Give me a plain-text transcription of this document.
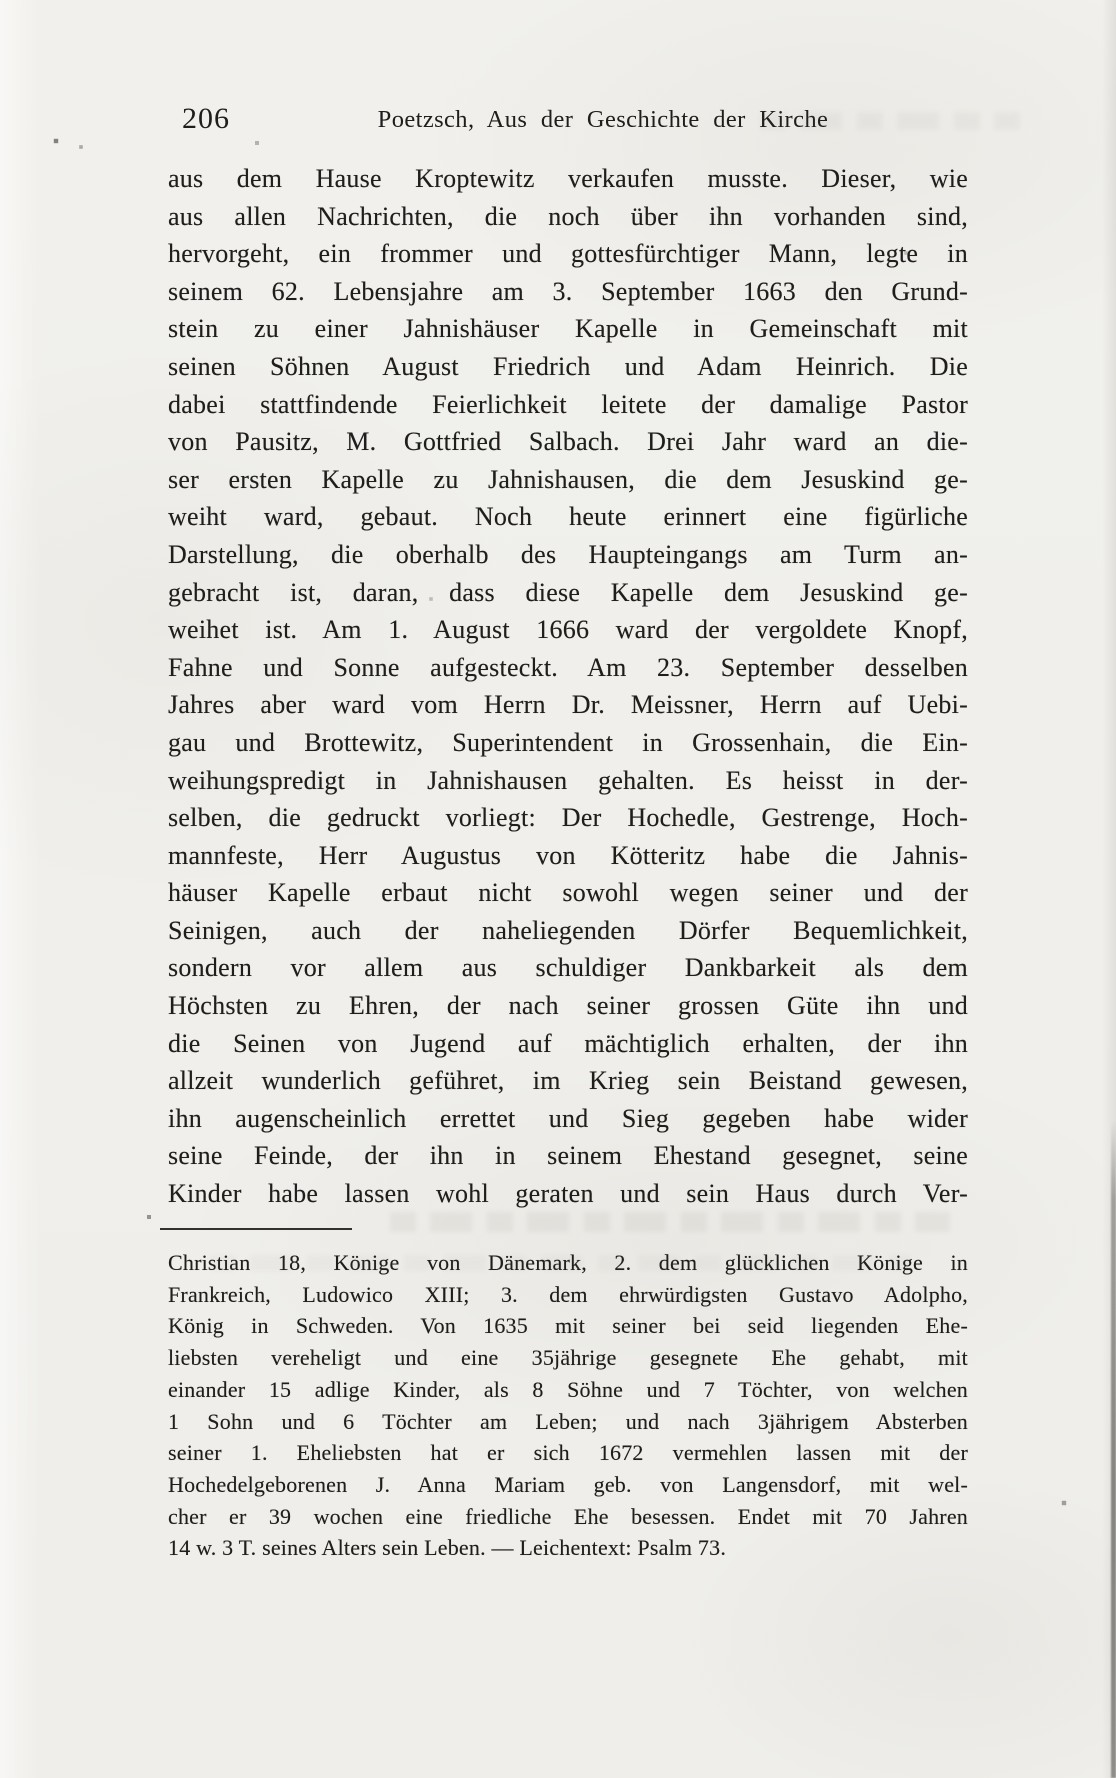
206	Poetzsch, Aus der Geschichte der Kirche
aus dem Hause Kroptewitz verkaufen musste. Dieser, wie
aus allen Nachrichten, die noch über ihn vorhanden sind,
hervorgeht, ein frommer und gottesfürchtiger Mann, legte in
seinem 62. Lebensjahre am 3. September 1663 den Grund-
stein zu einer Jahnishäuser Kapelle in Gemeinschaft mit
seinen Söhnen August Friedrich und Adam Heinrich. Die
dabei stattfindende Feierlichkeit leitete der damalige Pastor
von Pausitz, M. Gottfried Salbach. Drei Jahr ward an die-
ser ersten Kapelle zu Jahnishausen, die dem Jesuskind ge-
weiht ward, gebaut. Noch heute erinnert eine figürliche
Darstellung, die oberhalb des Haupteingangs am Turm an-
gebracht ist, daran, dass diese Kapelle dem Jesuskind ge-
weihet ist. Am 1. August 1666 ward der vergoldete Knopf,
Fahne und Sonne aufgesteckt. Am 23. September desselben
Jahres aber ward vom Herrn Dr. Meissner, Herrn auf Uebi-
gau und Brottewitz, Superintendent in Grossenhain, die Ein-
weihungspredigt in Jahnishausen gehalten. Es heisst in der-
selben, die gedruckt vorliegt: Der Hochedle, Gestrenge, Hoch-
mannfeste, Herr Augustus von Kötteritz habe die Jahnis-
häuser Kapelle erbaut nicht sowohl wegen seiner und der
Seinigen, auch der naheliegenden Dörfer Bequemlichkeit,
sondern vor allem aus schuldiger Dankbarkeit als dem
Höchsten zu Ehren, der nach seiner grossen Güte ihn und
die Seinen von Jugend auf mächtiglich erhalten, der ihn
allzeit wunderlich geführet, im Krieg sein Beistand gewesen,
ihn augenscheinlich errettet und Sieg gegeben habe wider
seine Feinde, der ihn in seinem Ehestand gesegnet, seine
Kinder habe lassen wohl geraten und sein Haus durch Ver-
Christian 18, Könige von Dänemark, 2. dem glücklichen Könige in
Frankreich, Ludowico XIII; 3. dem ehrwürdigsten Gustavo Adolpho,
König in Schweden. Von 1635 mit seiner bei seid liegenden Ehe-
liebsten vereheligt und eine 35jährige gesegnete Ehe gehabt, mit
einander 15 adlige Kinder, als 8 Söhne und 7 Töchter, von welchen
1 Sohn und 6 Töchter am Leben; und nach 3jährigem Absterben
seiner 1. Eheliebsten hat er sich 1672 vermehlen lassen mit der
Hochedelgeborenen J. Anna Mariam geb. von Langensdorf, mit wel-
cher er 39 wochen eine friedliche Ehe besessen. Endet mit 70 Jahren
14 w. 3 T. seines Alters sein Leben. — Leichentext: Psalm 73.
